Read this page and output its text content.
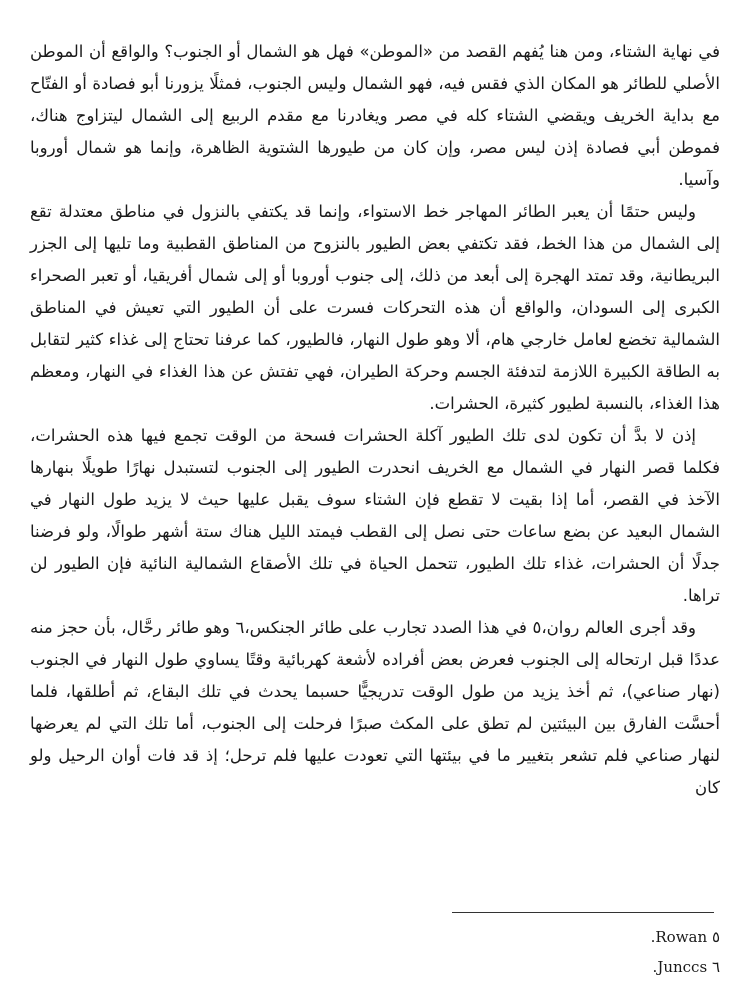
في نهاية الشتاء، ومن هنا يُفهم القصد من «الموطن» فهل هو الشمال أو الجنوب؟ والواقع أن الموطن الأصلي للطائر هو المكان الذي فقس فيه، فهو الشمال وليس الجنوب، فمثلًا يزورنا أبو فصادة أو الفتّاح مع بداية الخريف ويقضي الشتاء كله في مصر ويغادرنا مع مقدم الربيع إلى الشمال ليتزاوج هناك، فموطن أبي فصادة إذن ليس مصر، وإن كان من طيورها الشتوية الظاهرة، وإنما هو شمال أوروبا وآسيا.

وليس حتمًا أن يعبر الطائر المهاجر خط الاستواء، وإنما قد يكتفي بالنزول في مناطق معتدلة تقع إلى الشمال من هذا الخط، فقد تكتفي بعض الطيور بالنزوح من المناطق القطبية وما تليها إلى الجزر البريطانية، وقد تمتد الهجرة إلى أبعد من ذلك، إلى جنوب أوروبا أو إلى شمال أفريقيا، أو تعبر الصحراء الكبرى إلى السودان، والواقع أن هذه التحركات فسرت على أن الطيور التي تعيش في المناطق الشمالية تخضع لعامل خارجي هام، ألا وهو طول النهار، فالطيور، كما عرفنا تحتاج إلى غذاء كثير لتقابل به الطاقة الكبيرة اللازمة لتدفئة الجسم وحركة الطيران، فهي تفتش عن هذا الغذاء في النهار، ومعظم هذا الغذاء، بالنسبة لطيور كثيرة، الحشرات.

إذن لا بدَّ أن تكون لدى تلك الطيور آكلة الحشرات فسحة من الوقت تجمع فيها هذه الحشرات، فكلما قصر النهار في الشمال مع الخريف انحدرت الطيور إلى الجنوب لتستبدل نهارًا طويلًا بنهارها الآخذ في القصر، أما إذا بقيت لا تقطع فإن الشتاء سوف يقبل عليها حيث لا يزيد طول النهار في الشمال البعيد عن بضع ساعات حتى نصل إلى القطب فيمتد الليل هناك ستة أشهر طوالًا، ولو فرضنا جدلًا أن الحشرات، غذاء تلك الطيور، تتحمل الحياة في تلك الأصقاع الشمالية النائية فإن الطيور لن تراها.

وقد أجرى العالم روان،٥ في هذا الصدد تجارب على طائر الجنكس،٦ وهو طائر رحَّال، بأن حجز منه عددًا قبل ارتحاله إلى الجنوب فعرض بعض أفراده لأشعة كهربائية وقتًا يساوي طول النهار في الجنوب (نهار صناعي)، ثم أخذ يزيد من طول الوقت تدريجيًّا حسبما يحدث في تلك البقاع، ثم أطلقها، فلما أحسَّت الفارق بين البيئتين لم تطق على المكث صبرًا فرحلت إلى الجنوب، أما تلك التي لم يعرضها لنهار صناعي فلم تشعر بتغيير ما في بيئتها التي تعودت عليها فلم ترحل؛ إذ قد فات أوان الرحيل ولو كان

٥ Rowan.
٦ Junccs.
